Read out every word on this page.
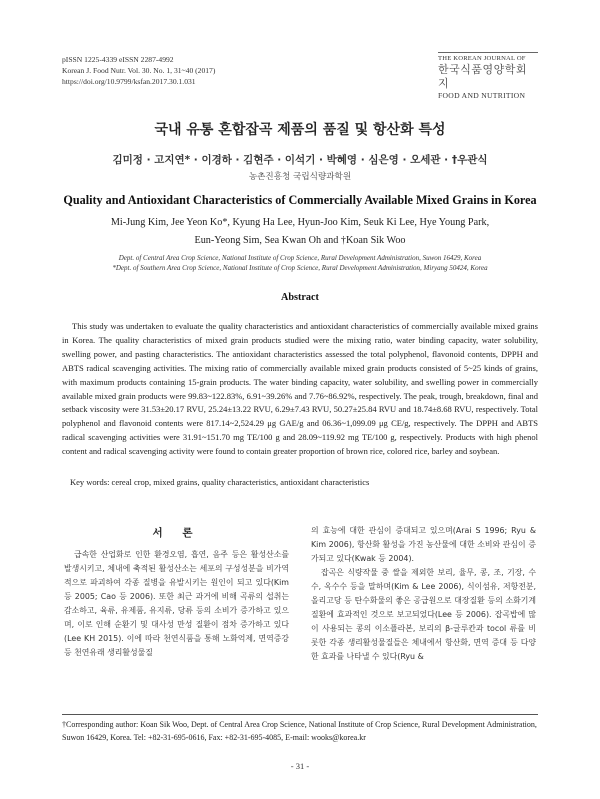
pISSN 1225-4339 eISSN 2287-4992
Korean J. Food Nutr. Vol. 30. No. 1, 31~40 (2017)
https://doi.org/10.9799/ksfan.2017.30.1.031
THE KOREAN JOURNAL OF
한국식품영양학회지
FOOD AND NUTRITION
국내 유통 혼합잡곡 제품의 품질 및 항산화 특성
김미정 · 고지연* · 이경하 · 김현주 · 이석기 · 박혜영 · 심은영 · 오세관 · †우관식
농촌진흥청 국립식량과학원
Quality and Antioxidant Characteristics of Commercially Available Mixed Grains in Korea
Mi-Jung Kim, Jee Yeon Ko*, Kyung Ha Lee, Hyun-Joo Kim, Seuk Ki Lee, Hye Young Park,
Eun-Yeong Sim, Sea Kwan Oh and †Koan Sik Woo
Dept. of Central Area Crop Science, National Institute of Crop Science, Rural Development Administration, Suwon 16429, Korea
*Dept. of Southern Area Crop Science, National Institute of Crop Science, Rural Development Administration, Miryang 50424, Korea
Abstract
This study was undertaken to evaluate the quality characteristics and antioxidant characteristics of commercially available mixed grains in Korea. The quality characteristics of mixed grain products studied were the mixing ratio, water binding capacity, water solubility, swelling power, and pasting characteristics. The antioxidant characteristics assessed the total polyphenol, flavonoid contents, DPPH and ABTS radical scavenging activities. The mixing ratio of commercially available mixed grain products consisted of 5~25 kinds of grains, with maximum products containing 15-grain products. The water binding capacity, water solubility, and swelling power in commercially available mixed grain products were 99.83~122.83%, 6.91~39.26% and 7.76~86.92%, respectively. The peak, trough, breakdown, final and setback viscosity were 31.53±20.17 RVU, 25.24±13.22 RVU, 6.29±7.43 RVU, 50.27±25.84 RVU and 18.74±8.68 RVU, respectively. Total polyphenol and flavonoid contents were 817.14~2,524.29 μg GAE/g and 06.36~1,099.09 μg CE/g, respectively. The DPPH and ABTS radical scavenging activities were 31.91~151.70 mg TE/100 g and 28.09~119.92 mg TE/100 g, respectively. Products with high phenol content and radical scavenging activity were found to contain greater proportion of brown rice, colored rice, barley and soybean.
Key words: cereal crop, mixed grains, quality characteristics, antioxidant characteristics
서 론

급속한 산업화로 인한 환경오염, 흡연, 음주 등은 활성산소를 발생시키고, 체내에 축적된 활성산소는 세포의 구성성분을 비가역적으로 파괴하여 각종 질병을 유발시키는 원인이 되고 있다(Kim 등 2005; Cao 등 2006). 또한 최근 과거에 비해 곡류의 섭취는 감소하고, 육류, 유제품, 유지류, 당류 등의 소비가 증가하고 있으며, 이로 인해 순환기 및 대사성 만성 질환이 점차 증가하고 있다(Lee KH 2015). 이에 따라 천연식품을 통해 노화억제, 면역증강 등 천연유래 생리활성물질

의 효능에 대한 관심이 증대되고 있으며(Arai S 1996; Ryu & Kim 2006), 항산화 활성을 가진 농산물에 대한 소비와 관심이 증가되고 있다(Kwak 등 2004).

잡곡은 식량작물 중 쌀을 제외한 보리, 율무, 콩, 조, 기장, 수수, 옥수수 등을 말하며(Kim & Lee 2006), 식이섬유, 저항전분, 올리고당 등 탄수화물의 좋은 공급원으로 대장질환 등의 소화기계 질환에 효과적인 것으로 보고되었다(Lee 등 2006). 잡곡밥에 많이 사용되는 콩의 이소플라본, 보리의 β-글루칸과 tocol 류를 비롯한 각종 생리활성물질들은 체내에서 항산화, 면역 증대 등 다양한 효과를 나타낼 수 있다(Ryu &

†Corresponding author: Koan Sik Woo, Dept. of Central Area Crop Science, National Institute of Crop Science, Rural Development Administration, Suwon 16429, Korea. Tel: +82-31-695-0616, Fax: +82-31-695-4085, E-mail: wooks@korea.kr
- 31 -
